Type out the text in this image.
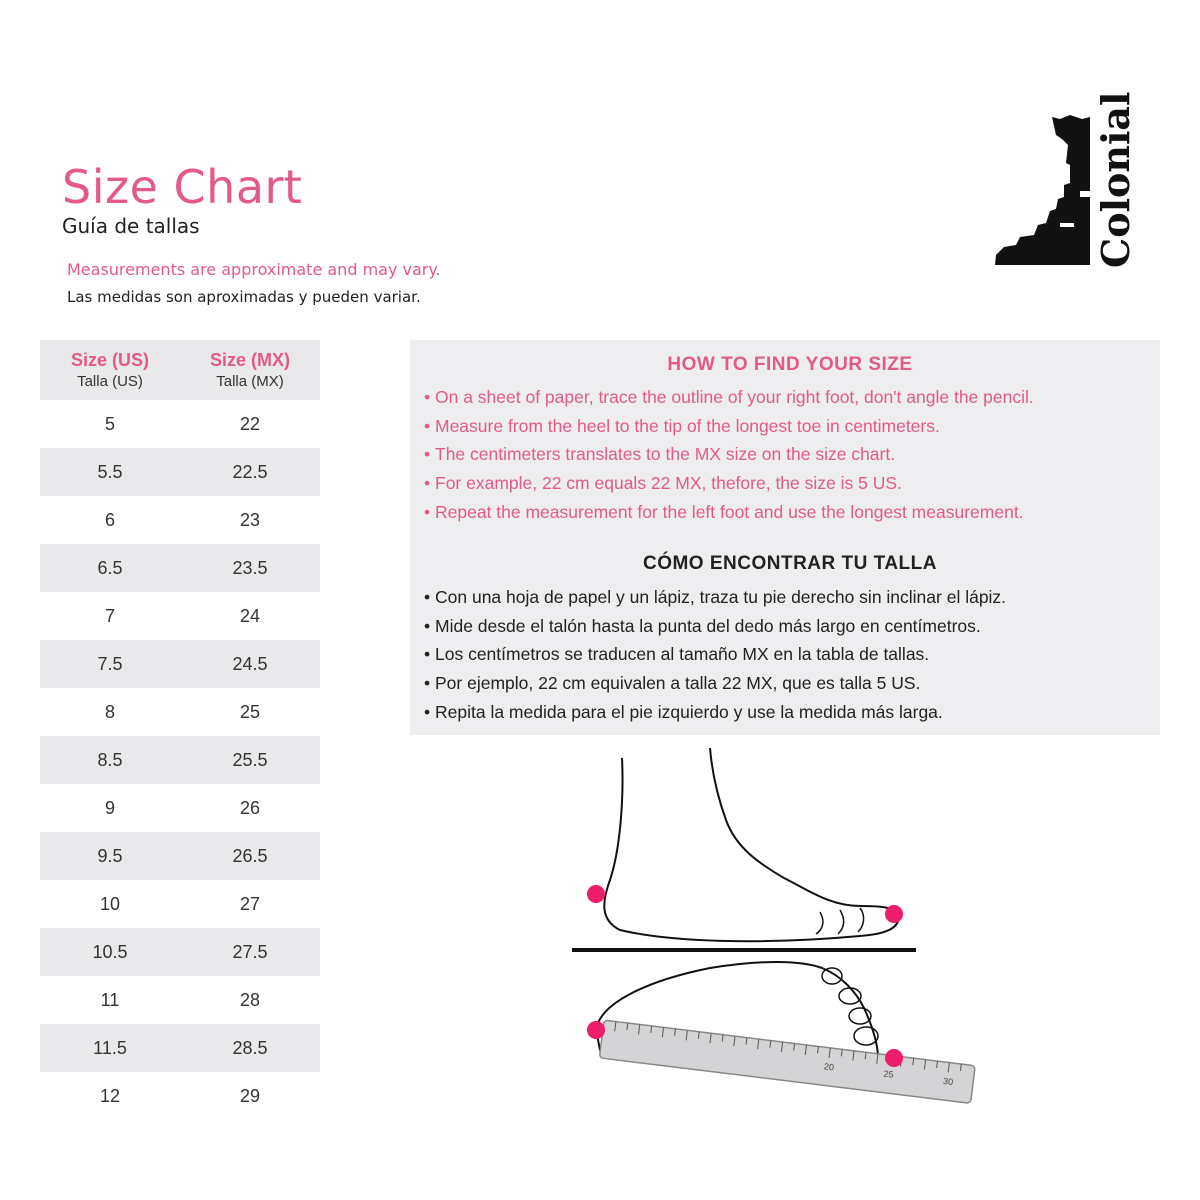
Size Chart
Guía de tallas
Measurements are approximate and may vary.
Las medidas son aproximadas y pueden variar.
Colonial
Size (US)
Talla (US)
Size (MX)
Talla (MX)
5	22
5.5	22.5
6	23
6.5	23.5
7	24
7.5	24.5
8	25
8.5	25.5
9	26
9.5	26.5
10	27
10.5	27.5
11	28
11.5	28.5
12	29
HOW TO FIND YOUR SIZE
• On a sheet of paper, trace the outline of your right foot, don't angle the pencil.
• Measure from the heel to the tip of the longest toe in centimeters.
• The centimeters translates to the MX size on the size chart.
• For example, 22 cm equals 22 MX, thefore, the size is 5 US.
• Repeat the measurement for the left foot and use the longest measurement.
CÓMO ENCONTRAR TU TALLA
• Con una hoja de papel y un lápiz, traza tu pie derecho sin inclinar el lápiz.
• Mide desde el talón hasta la punta del dedo más largo en centímetros.
• Los centímetros se traducen al tamaño MX en la tabla de tallas.
• Por ejemplo, 22 cm equivalen a talla 22 MX, que es talla 5 US.
• Repita la medida para el pie izquierdo y use la medida más larga.
20
25
30
